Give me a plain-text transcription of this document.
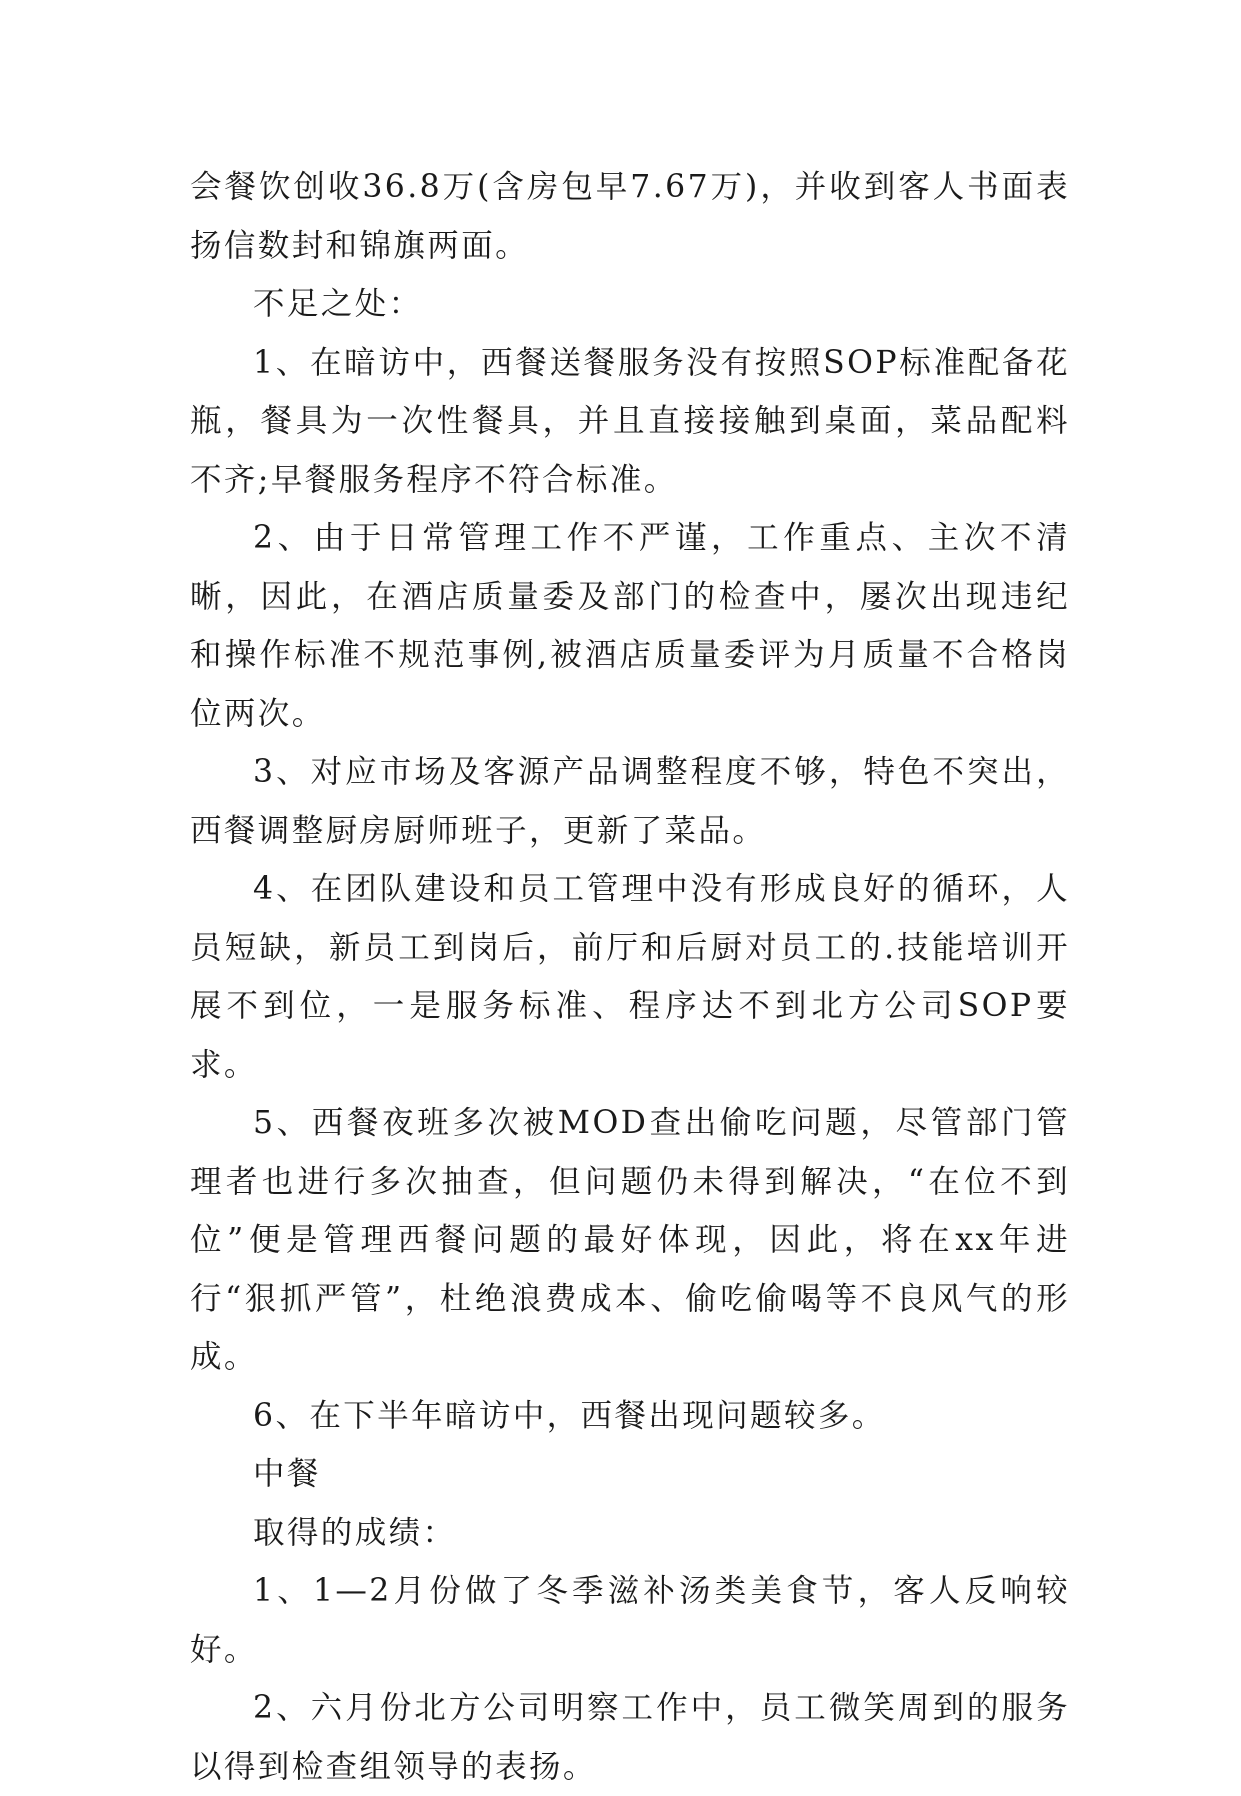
会餐饮创收36.8万(含房包早7.67万)，并收到客人书面表扬信数封和锦旗两面。

不足之处：

1、在暗访中，西餐送餐服务没有按照SOP标准配备花瓶，餐具为一次性餐具，并且直接接触到桌面，菜品配料不齐;早餐服务程序不符合标准。

2、由于日常管理工作不严谨，工作重点、主次不清晰，因此，在酒店质量委及部门的检查中，屡次出现违纪和操作标准不规范事例,被酒店质量委评为月质量不合格岗位两次。

3、对应市场及客源产品调整程度不够，特色不突出，西餐调整厨房厨师班子，更新了菜品。

4、在团队建设和员工管理中没有形成良好的循环，人员短缺，新员工到岗后，前厅和后厨对员工的.技能培训开展不到位，一是服务标准、程序达不到北方公司SOP要求。

5、西餐夜班多次被MOD查出偷吃问题，尽管部门管理者也进行多次抽查，但问题仍未得到解决，“在位不到位”便是管理西餐问题的最好体现，因此，将在xx年进行“狠抓严管”，杜绝浪费成本、偷吃偷喝等不良风气的形成。

6、在下半年暗访中，西餐出现问题较多。

中餐

取得的成绩：

1、1—2月份做了冬季滋补汤类美食节，客人反响较好。

2、六月份北方公司明察工作中，员工微笑周到的服务以得到检查组领导的表扬。
